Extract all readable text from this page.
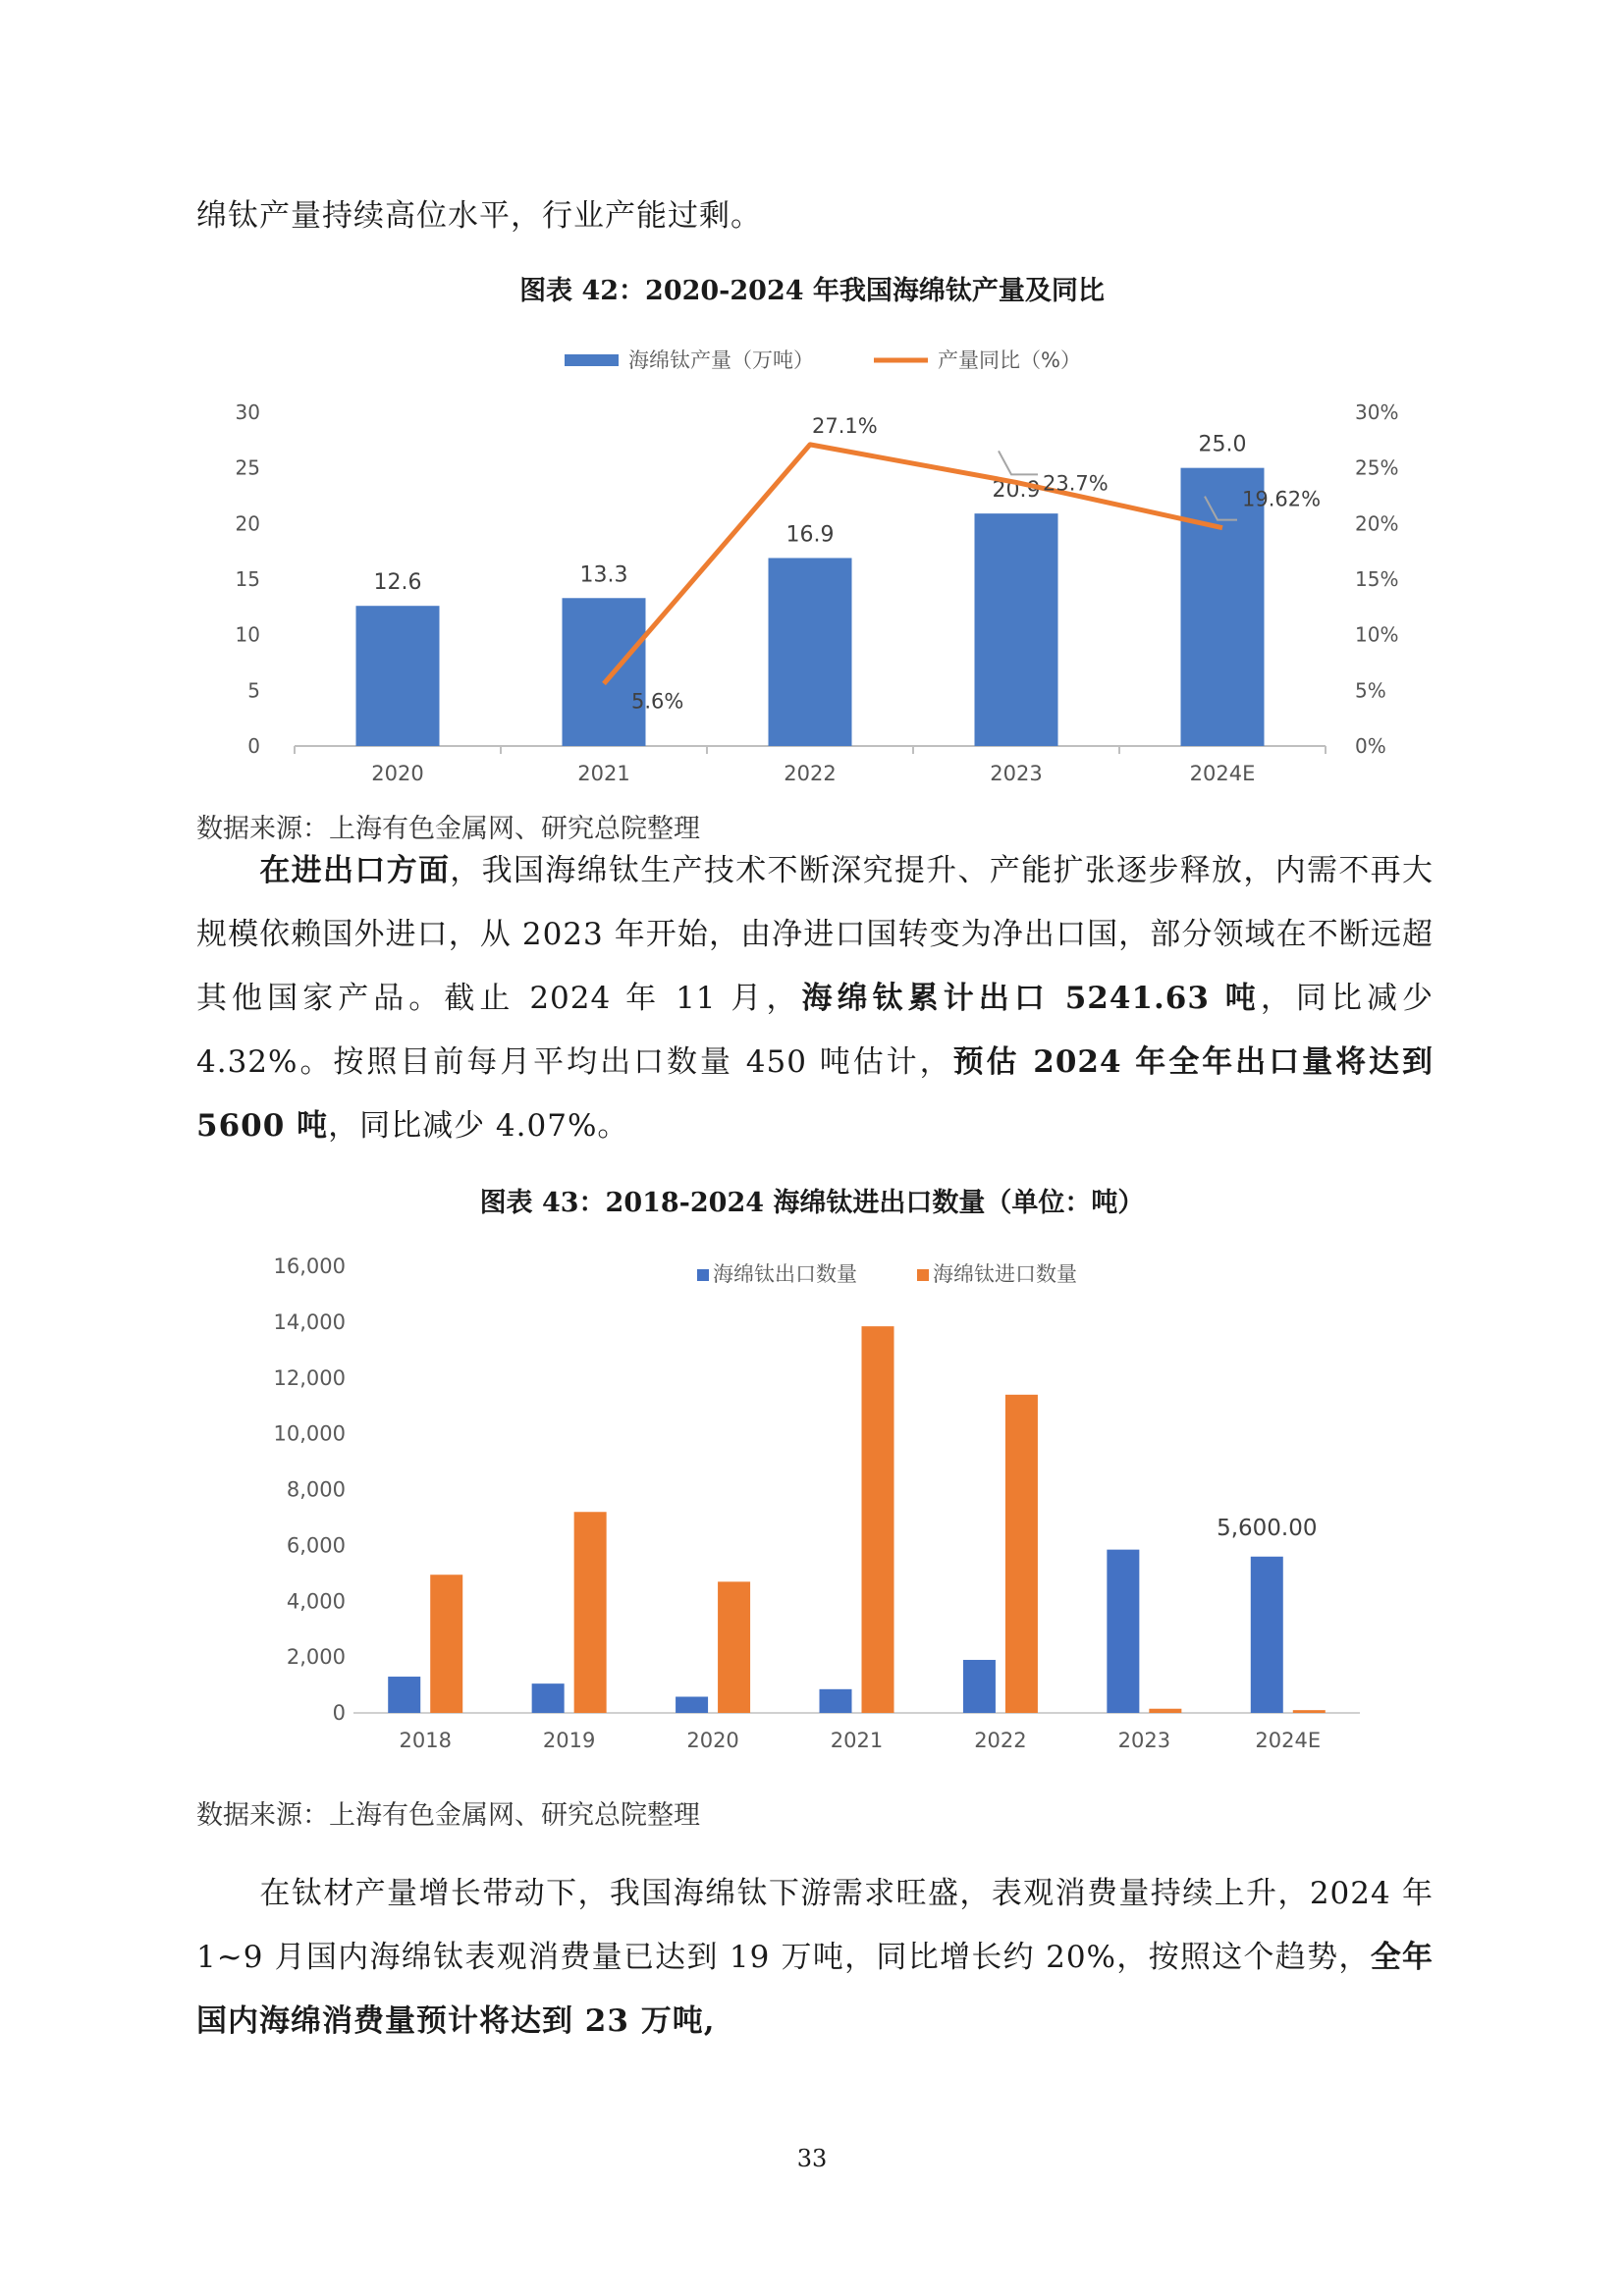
绵钛产量持续高位水平，行业产能过剩。
图表 42：2020-2024 年我国海绵钛产量及同比
海绵钛产量（万吨）	产量同比（%）
0
5
10
15
20
25
30
0%
5%
10%
15%
20%
25%
30%
12.6
2020
13.3
2021
16.9
2022
20.9
2023
25.0
2024E
5.6%
27.1%
23.7%
19.62%
数据来源：上海有色金属网、研究总院整理
在进出口方面，我国海绵钛生产技术不断深究提升、产能扩张逐步释放，内需不再大规模依赖国外进口，从 2023 年开始，由净进口国转变为净出口国，部分领域在不断远超其他国家产品。截止 2024 年 11 月，海绵钛累计出口 5241.63 吨，同比减少 4.32%。按照目前每月平均出口数量 450 吨估计，预估 2024 年全年出口量将达到 5600 吨，同比减少 4.07%。
图表 43：2018-2024 海绵钛进出口数量（单位：吨）
0
2,000
4,000
6,000
8,000
10,000
12,000
14,000
16,000	海绵钛出口数量	海绵钛进口数量
2018	2019	2020	2021	2022	2023	2024E
5,600.00
数据来源：上海有色金属网、研究总院整理
在钛材产量增长带动下，我国海绵钛下游需求旺盛，表观消费量持续上升，2024 年 1~9 月国内海绵钛表观消费量已达到 19 万吨，同比增长约 20%，按照这个趋势，全年国内海绵消费量预计将达到 23 万吨,
33
